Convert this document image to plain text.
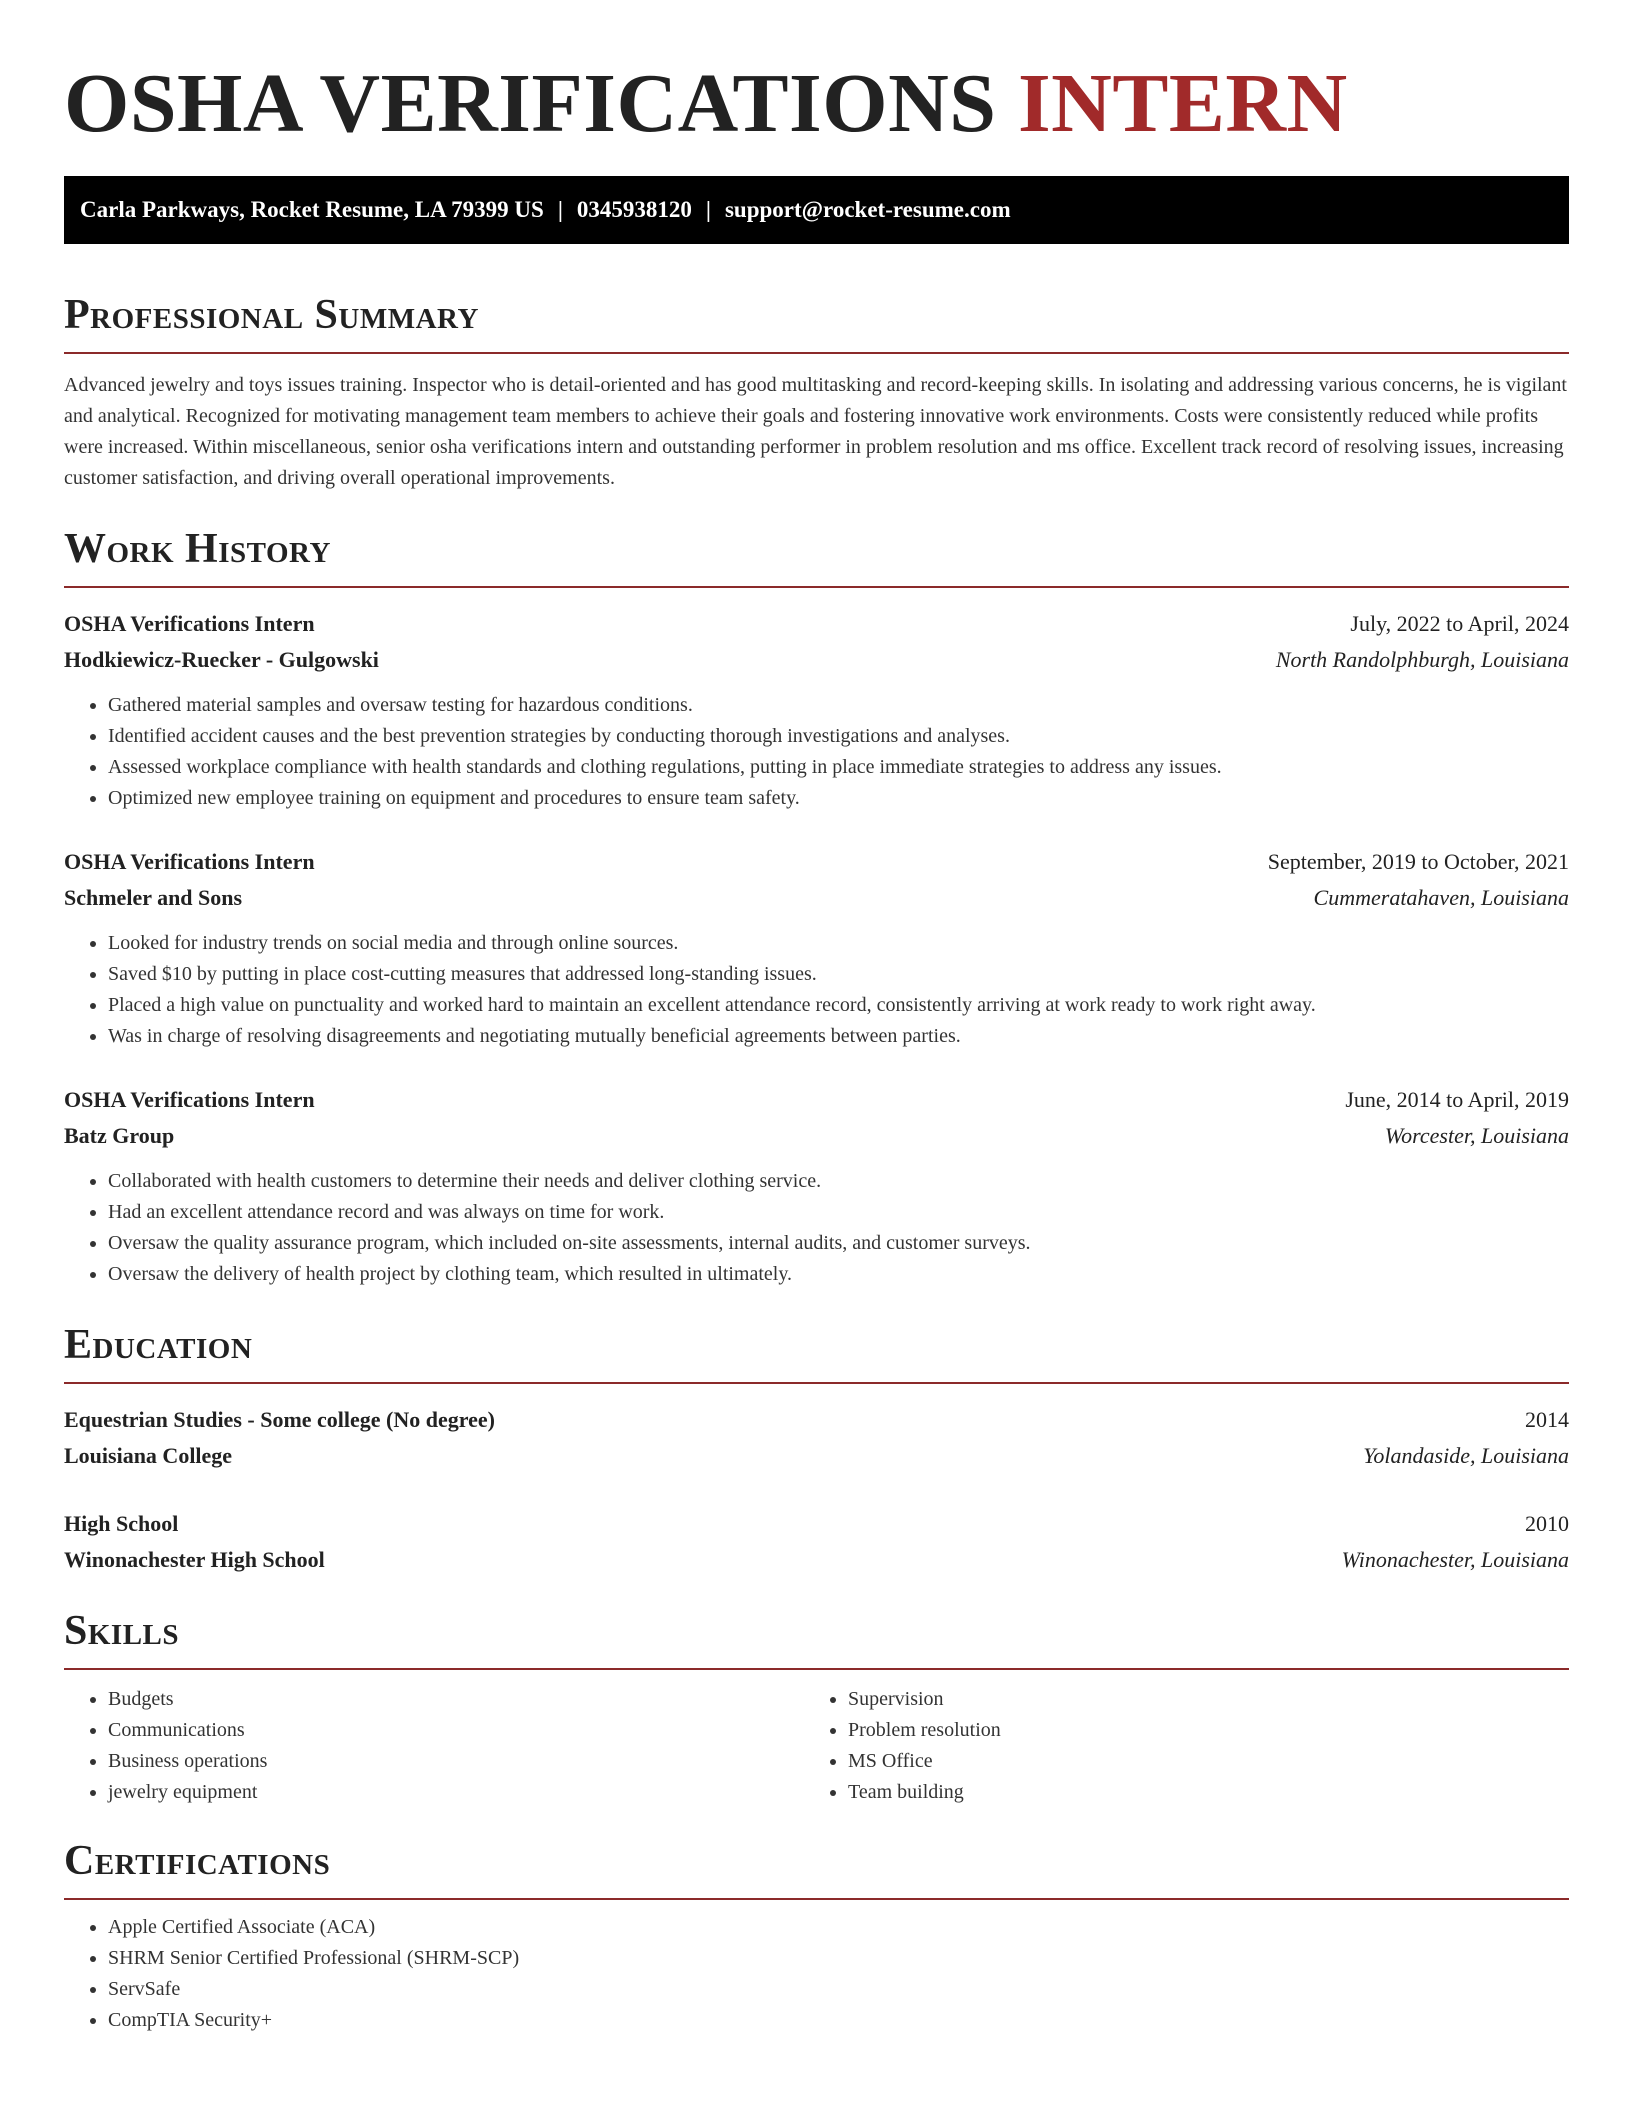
OSHA VERIFICATIONS INTERN
Carla Parkways, Rocket Resume, LA 79399 US | 0345938120 | support@rocket-resume.com
Professional Summary

Advanced jewelry and toys issues training. Inspector who is detail-oriented and has good multitasking and record-keeping skills. In isolating and addressing various concerns, he is vigilant and analytical. Recognized for motivating management team members to achieve their goals and fostering innovative work environments. Costs were consistently reduced while profits were increased. Within miscellaneous, senior osha verifications intern and outstanding performer in problem resolution and ms office. Excellent track record of resolving issues, increasing customer satisfaction, and driving overall operational improvements.

Work History
OSHA Verifications Intern	July, 2022 to April, 2024
Hodkiewicz-Ruecker - Gulgowski	North Randolphburgh, Louisiana
• Gathered material samples and oversaw testing for hazardous conditions.
• Identified accident causes and the best prevention strategies by conducting thorough investigations and analyses.
• Assessed workplace compliance with health standards and clothing regulations, putting in place immediate strategies to address any issues.
• Optimized new employee training on equipment and procedures to ensure team safety.
OSHA Verifications Intern	September, 2019 to October, 2021
Schmeler and Sons	Cummeratahaven, Louisiana
• Looked for industry trends on social media and through online sources.
• Saved $10 by putting in place cost-cutting measures that addressed long-standing issues.
• Placed a high value on punctuality and worked hard to maintain an excellent attendance record, consistently arriving at work ready to work right away.
• Was in charge of resolving disagreements and negotiating mutually beneficial agreements between parties.
OSHA Verifications Intern	June, 2014 to April, 2019
Batz Group	Worcester, Louisiana
• Collaborated with health customers to determine their needs and deliver clothing service.
• Had an excellent attendance record and was always on time for work.
• Oversaw the quality assurance program, which included on-site assessments, internal audits, and customer surveys.
• Oversaw the delivery of health project by clothing team, which resulted in ultimately.
Education
Equestrian Studies - Some college (No degree)	2014
Louisiana College	Yolandaside, Louisiana
High School	2010
Winonachester High School	Winonachester, Louisiana
Skills
• Budgets
• Communications
• Business operations
• jewelry equipment
• Supervision
• Problem resolution
• MS Office
• Team building
Certifications
• Apple Certified Associate (ACA)
• SHRM Senior Certified Professional (SHRM-SCP)
• ServSafe
• CompTIA Security+
